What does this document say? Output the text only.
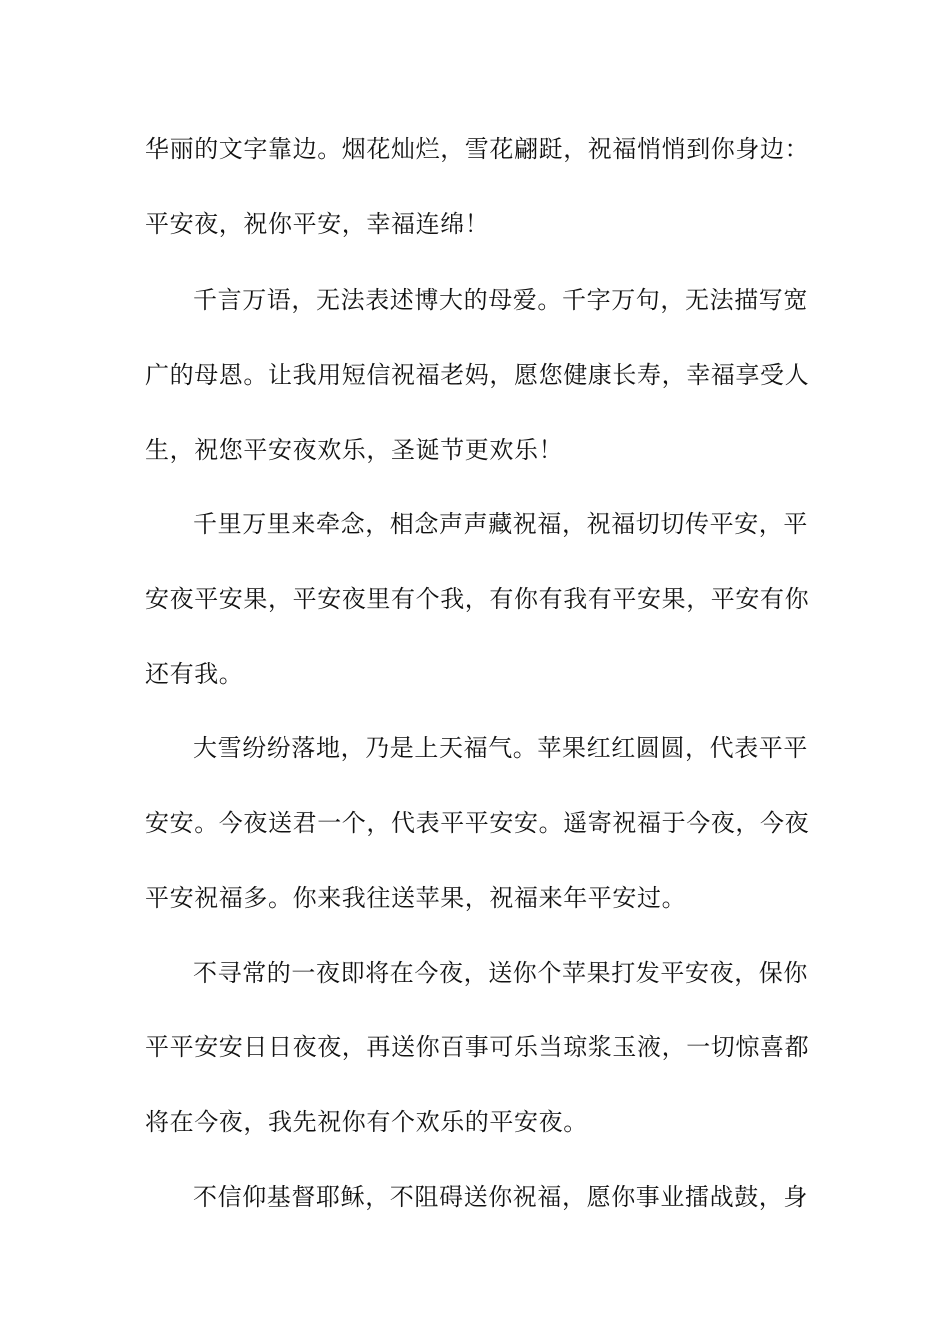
华丽的文字靠边。烟花灿烂，雪花翩跹，祝福悄悄到你身边：
平安夜，祝你平安，幸福连绵！
千言万语，无法表述博大的母爱。千字万句，无法描写宽
广的母恩。让我用短信祝福老妈，愿您健康长寿，幸福享受人
生，祝您平安夜欢乐，圣诞节更欢乐！
千里万里来牵念，相念声声藏祝福，祝福切切传平安，平
安夜平安果，平安夜里有个我，有你有我有平安果，平安有你
还有我。
大雪纷纷落地，乃是上天福气。苹果红红圆圆，代表平平
安安。今夜送君一个，代表平平安安。遥寄祝福于今夜，今夜
平安祝福多。你来我往送苹果，祝福来年平安过。
不寻常的一夜即将在今夜，送你个苹果打发平安夜，保你
平平安安日日夜夜，再送你百事可乐当琼浆玉液，一切惊喜都
将在今夜，我先祝你有个欢乐的平安夜。
不信仰基督耶稣，不阻碍送你祝福，愿你事业擂战鼓，身
